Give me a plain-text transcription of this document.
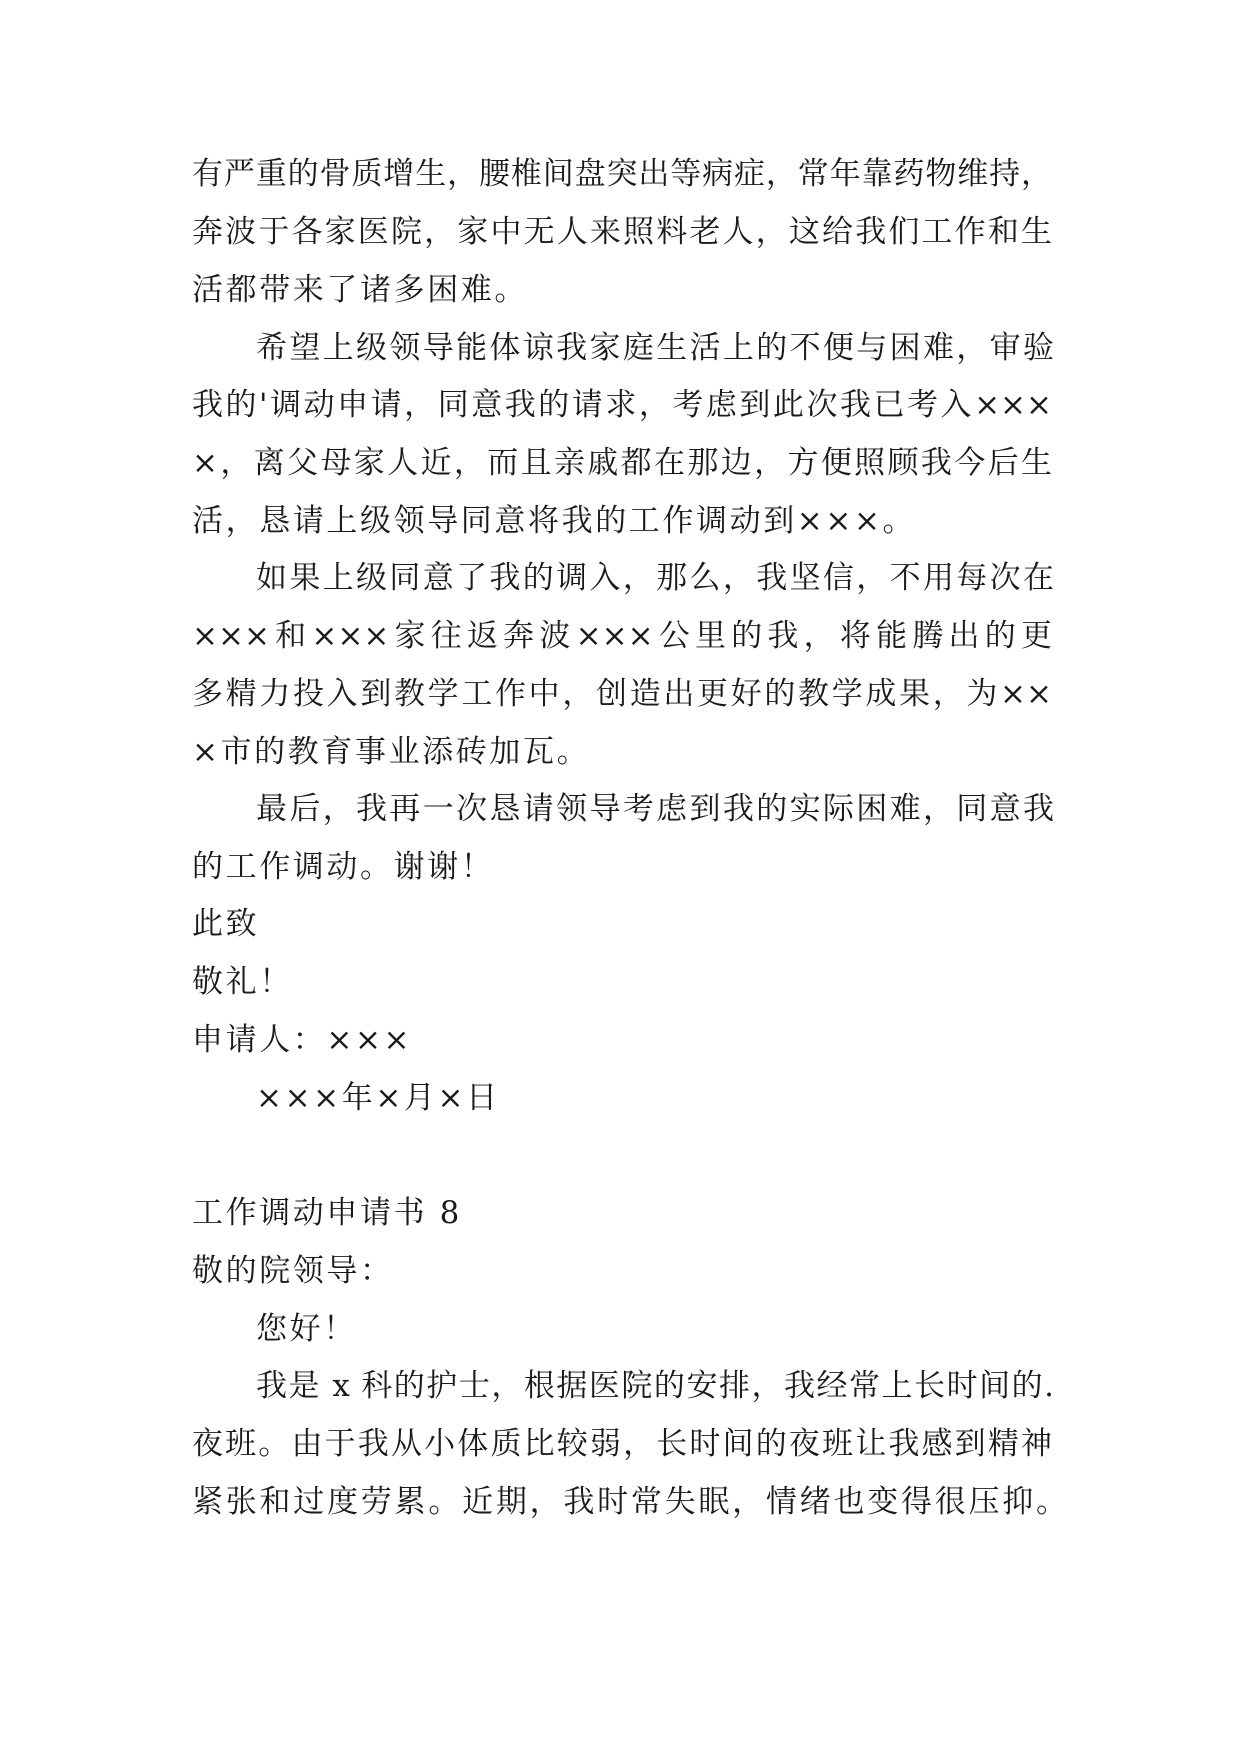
有严重的骨质增生，腰椎间盘突出等病症，常年靠药物维持，
奔波于各家医院，家中无人来照料老人，这给我们工作和生
活都带来了诸多困难。
希望上级领导能体谅我家庭生活上的不便与困难，审验
我的'调动申请，同意我的请求，考虑到此次我已考入×××
×，离父母家人近，而且亲戚都在那边，方便照顾我今后生
活，恳请上级领导同意将我的工作调动到×××。
如果上级同意了我的调入，那么，我坚信，不用每次在
×××和×××家往返奔波×××公里的我，将能腾出的更
多精力投入到教学工作中，创造出更好的教学成果，为××
×市的教育事业添砖加瓦。
最后，我再一次恳请领导考虑到我的实际困难，同意我
的工作调动。谢谢！
此致
敬礼！
申请人：×××
×××年×月×日
工作调动申请书 8
敬的院领导：
您好！
我是 x 科的护士，根据医院的安排，我经常上长时间的.
夜班。由于我从小体质比较弱，长时间的夜班让我感到精神
紧张和过度劳累。近期，我时常失眠，情绪也变得很压抑。
